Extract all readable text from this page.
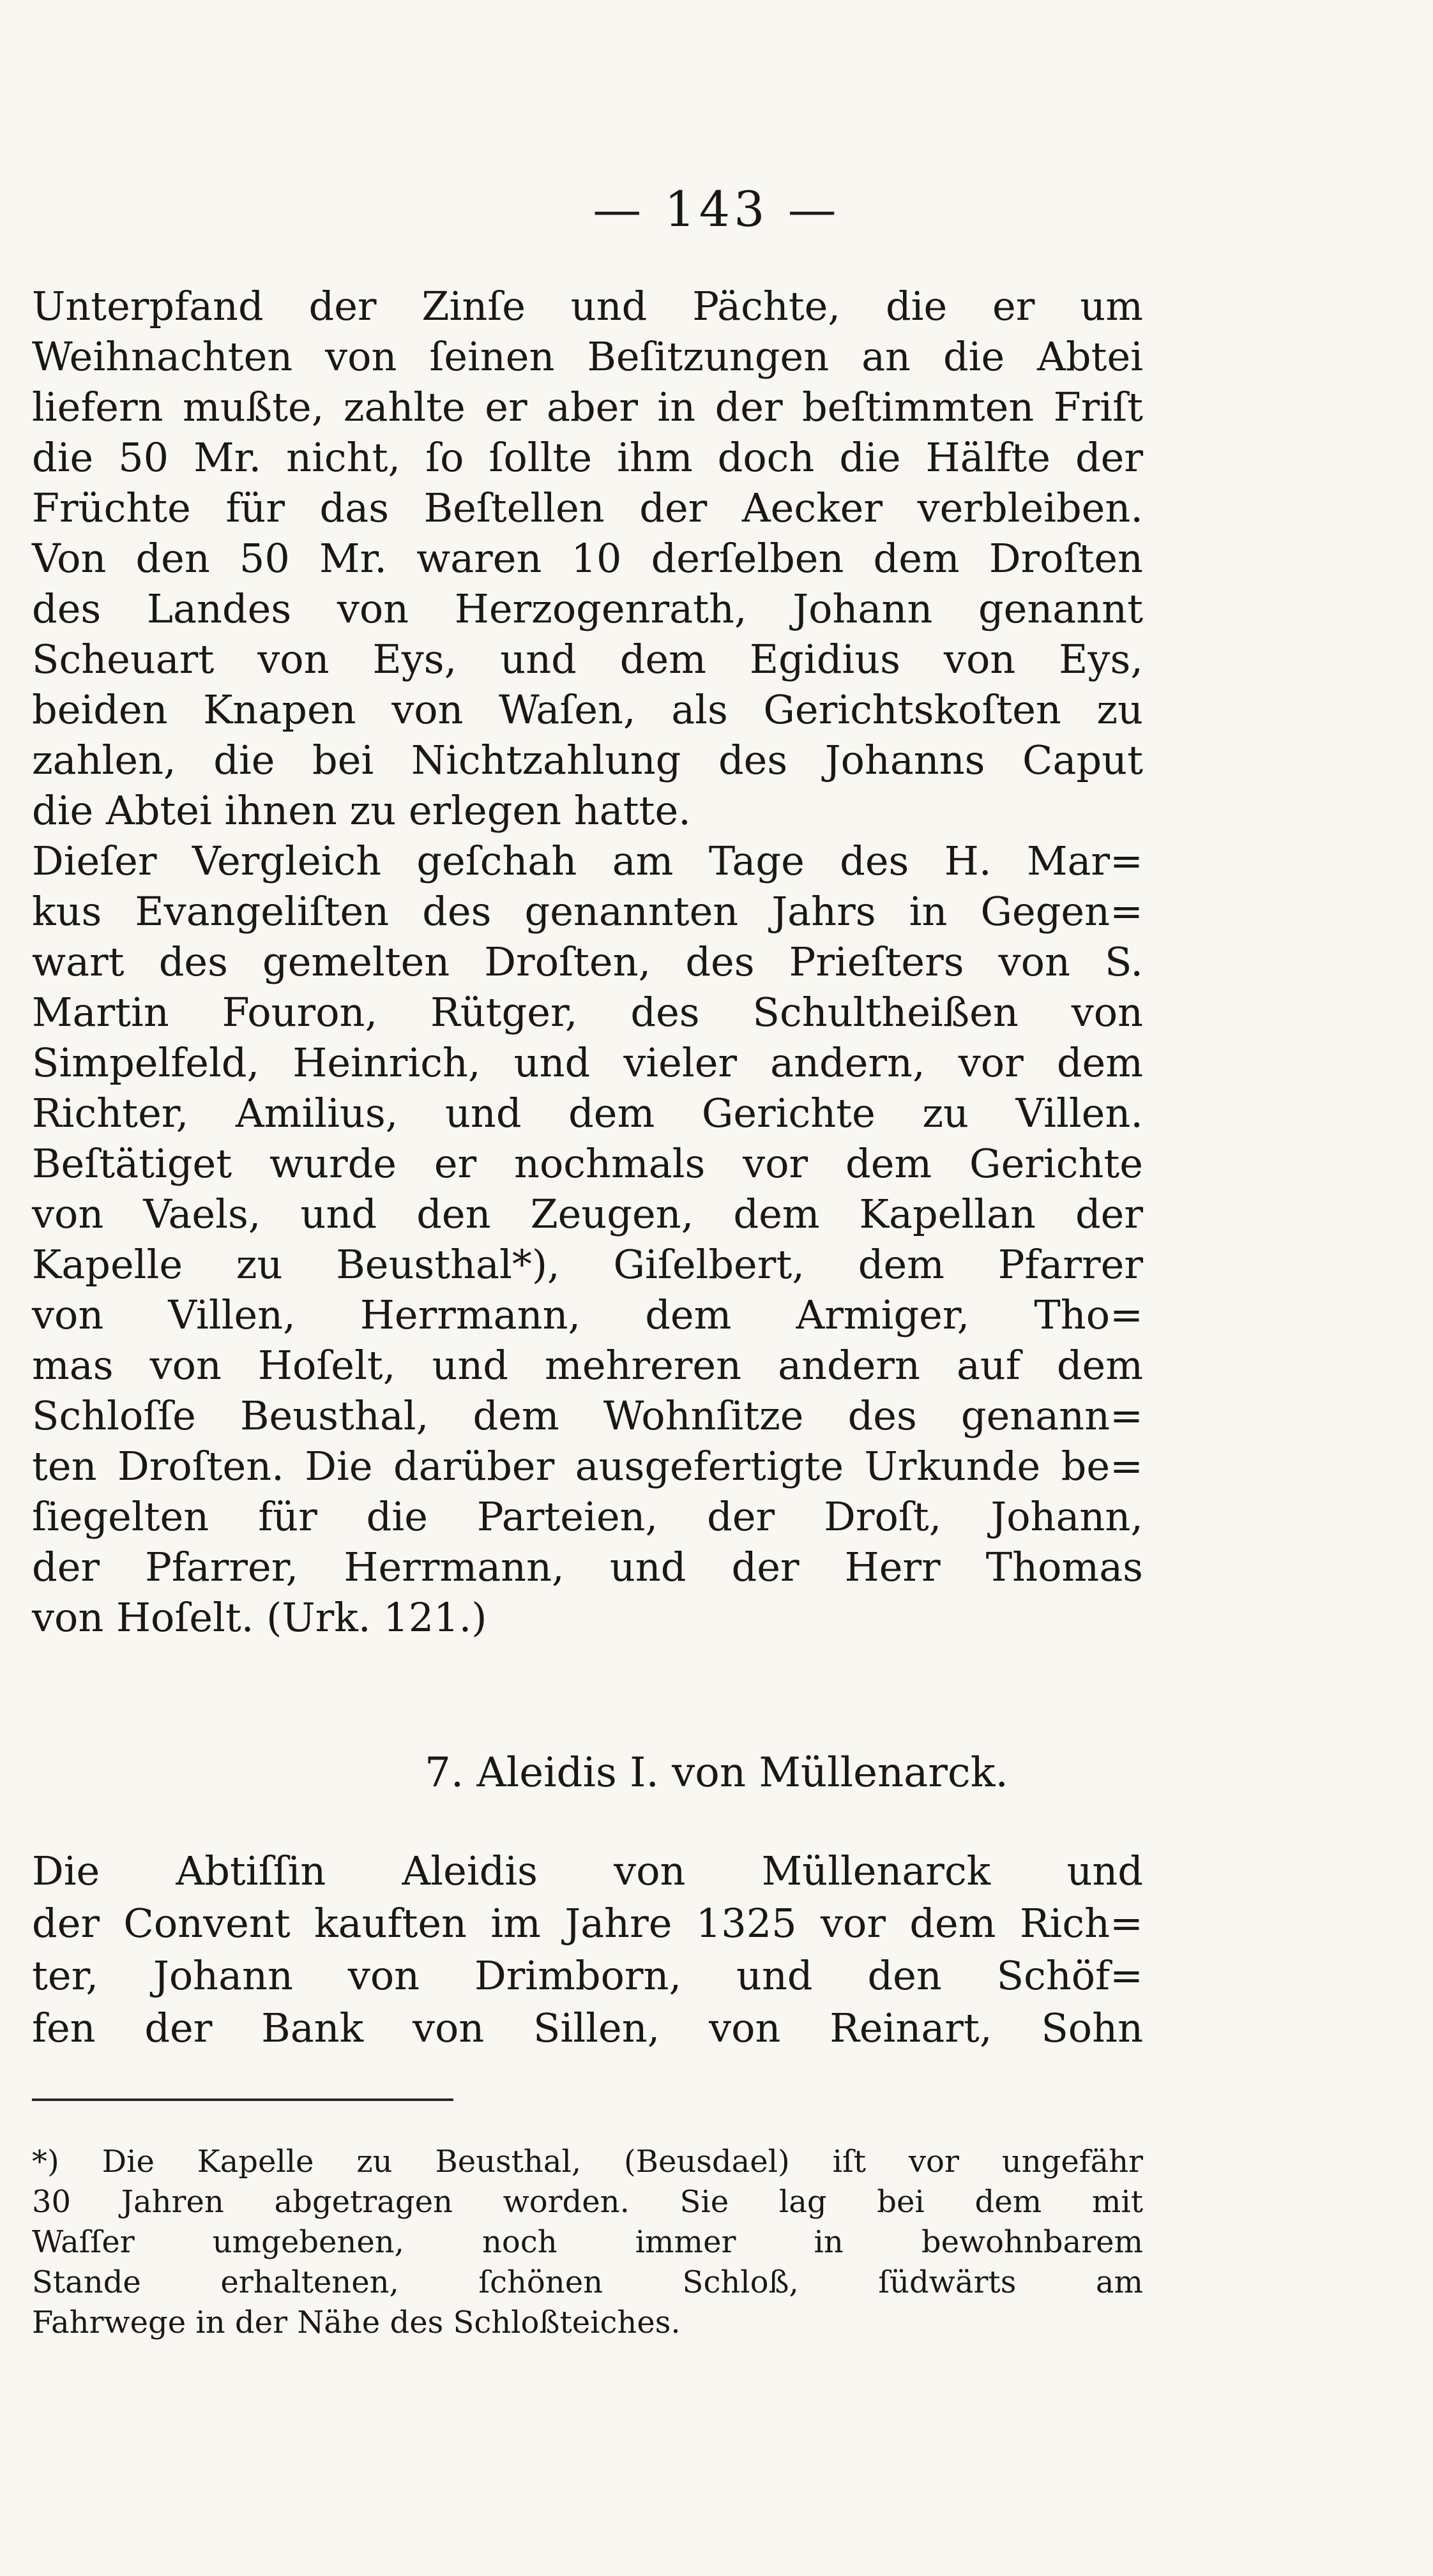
— 143 —
Unterpfand der Zinſe und Pächte, die er um
Weihnachten von ſeinen Beſitzungen an die Abtei
liefern mußte, zahlte er aber in der beſtimmten Friſt
die 50 Mr. nicht, ſo ſollte ihm doch die Hälfte der
Früchte für das Beſtellen der Aecker verbleiben.
Von den 50 Mr. waren 10 derſelben dem Droſten
des Landes von Herzogenrath, Johann genannt
Scheuart von Eys, und dem Egidius von Eys,
beiden Knapen von Waſen, als Gerichtskoſten zu
zahlen, die bei Nichtzahlung des Johanns Caput
die Abtei ihnen zu erlegen hatte.
Dieſer Vergleich geſchah am Tage des H. Mar=
kus Evangeliſten des genannten Jahrs in Gegen=
wart des gemelten Droſten, des Prieſters von S.
Martin Fouron, Rütger, des Schultheißen von
Simpelfeld, Heinrich, und vieler andern, vor dem
Richter, Amilius, und dem Gerichte zu Villen.
Beſtätiget wurde er nochmals vor dem Gerichte
von Vaels, und den Zeugen, dem Kapellan der
Kapelle zu Beusthal*), Giſelbert, dem Pfarrer
von Villen, Herrmann, dem Armiger, Tho=
mas von Hoſelt, und mehreren andern auf dem
Schloſſe Beusthal, dem Wohnſitze des genann=
ten Droſten. Die darüber ausgefertigte Urkunde be=
ſiegelten für die Parteien, der Droſt, Johann,
der Pfarrer, Herrmann, und der Herr Thomas
von Hoſelt. (Urk. 121.)
7. Aleidis I. von Müllenarck.
Die Abtiſſin Aleidis von Müllenarck und
der Convent kauften im Jahre 1325 vor dem Rich=
ter, Johann von Drimborn, und den Schöf=
fen der Bank von Sillen, von Reinart, Sohn
*) Die Kapelle zu Beusthal, (Beusdael) iſt vor ungefähr
30 Jahren abgetragen worden. Sie lag bei dem mit
Waſſer umgebenen, noch immer in bewohnbarem
Stande erhaltenen, ſchönen Schloß, ſüdwärts am
Fahrwege in der Nähe des Schloßteiches.
